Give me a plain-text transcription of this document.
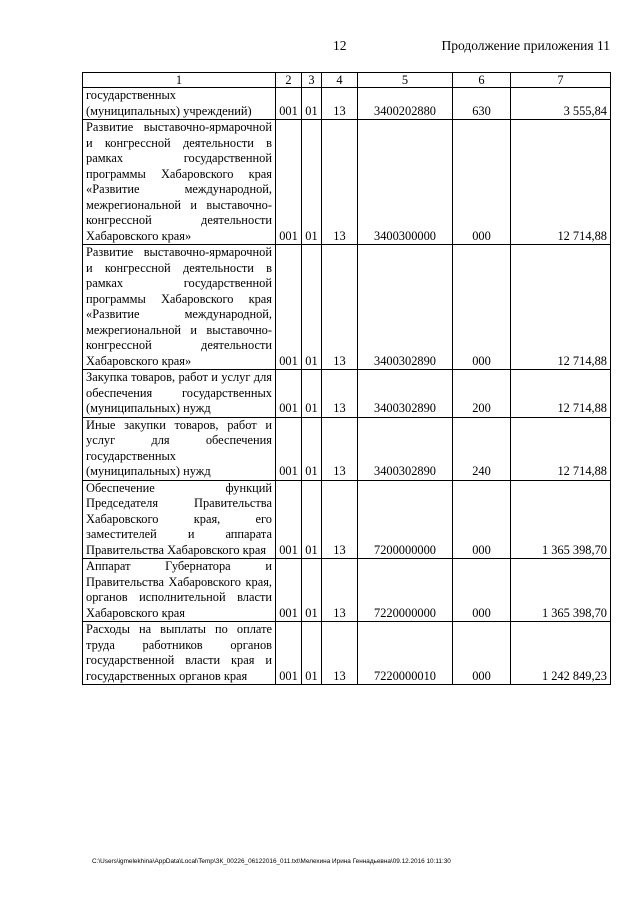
12	Продолжение приложения 11
1	2	3	4	5	6	7
государственных (муниципальных) учреждений)	001	01	13	3400202880	630	3 555,84
Развитие выставочно-ярмарочной и конгрессной деятельности в рамках государственной программы Хабаровского края «Развитие международной, межрегиональной и выставочно-конгрессной деятельности Хабаровского края»	001	01	13	3400300000	000	12 714,88
Развитие выставочно-ярмарочной и конгрессной деятельности в рамках государственной программы Хабаровского края «Развитие международной, межрегиональной и выставочно-конгрессной деятельности Хабаровского края»	001	01	13	3400302890	000	12 714,88
Закупка товаров, работ и услуг для обеспечения государственных (муниципальных) нужд	001	01	13	3400302890	200	12 714,88
Иные закупки товаров, работ и услуг для обеспечения государственных (муниципальных) нужд	001	01	13	3400302890	240	12 714,88
Обеспечение функций Председателя Правительства Хабаровского края, его заместителей и аппарата Правительства Хабаровского края	001	01	13	7200000000	000	1 365 398,70
Аппарат Губернатора и Правительства Хабаровского края, органов исполнительной власти Хабаровского края	001	01	13	7220000000	000	1 365 398,70
Расходы на выплаты по оплате труда работников органов государственной власти края и государственных органов края	001	01	13	7220000010	000	1 242 849,23
C:\Users\igmelekhina\AppData\Local\Temp\ЗК_00226_06122016_011.txt\Мелехина Ирина Геннадьевна\09.12.2016 10:11:30
